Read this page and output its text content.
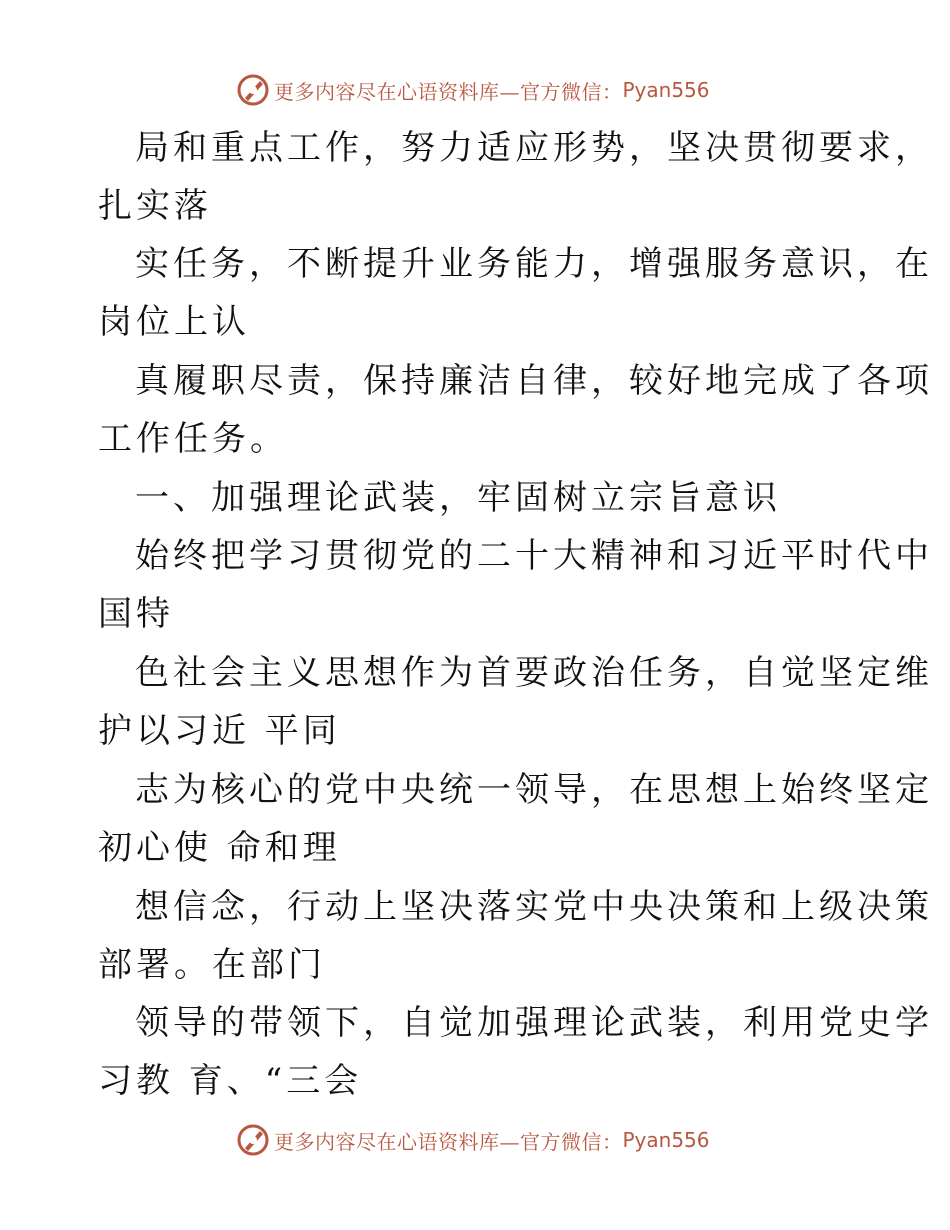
更多内容尽在心语资料库—官方微信： Pyan556
局和重点工作，努力适应形势，坚决贯彻要求，
扎实落
实任务，不断提升业务能力，增强服务意识，在
岗位上认
真履职尽责，保持廉洁自律，较好地完成了各项
工作任务。
一、加强理论武装，牢固树立宗旨意识
始终把学习贯彻党的二十大精神和习近平时代中
国特
色社会主义思想作为首要政治任务，自觉坚定维
护以习近 平同
志为核心的党中央统一领导，在思想上始终坚定
初心使 命和理
想信念，行动上坚决落实党中央决策和上级决策
部署。在部门
领导的带领下，自觉加强理论武装，利用党史学
习教 育、“三会
更多内容尽在心语资料库—官方微信： Pyan556
